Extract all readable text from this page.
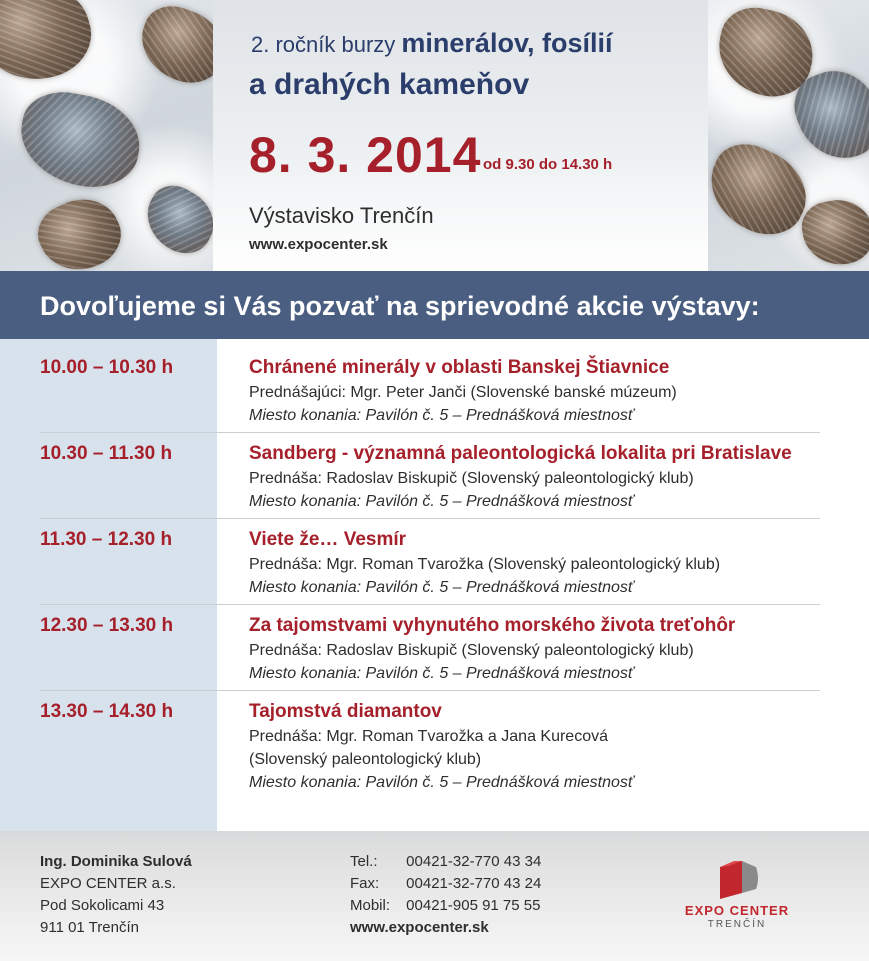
2. ročník burzy minerálov, fosílií
a drahých kameňov
8. 3. 2014 od 9.30 do 14.30 h
Výstavisko Trenčín
www.expocenter.sk
Dovoľujeme si Vás pozvať na sprievodné akcie výstavy:
10.00 – 10.30 h	Chránené minerály v oblasti Banskej Štiavnice
Prednášajúci: Mgr. Peter Janči (Slovenské banské múzeum)
Miesto konania: Pavilón č. 5 – Prednášková miestnosť
10.30 – 11.30 h	Sandberg - významná paleontologická lokalita pri Bratislave
Prednáša: Radoslav Biskupič (Slovenský paleontologický klub)
Miesto konania: Pavilón č. 5 – Prednášková miestnosť
11.30 – 12.30 h	Viete že… Vesmír
Prednáša: Mgr. Roman Tvarožka (Slovenský paleontologický klub)
Miesto konania: Pavilón č. 5 – Prednášková miestnosť
12.30 – 13.30 h	Za tajomstvami vyhynutého morského života treťohôr
Prednáša: Radoslav Biskupič (Slovenský paleontologický klub)
Miesto konania: Pavilón č. 5 – Prednášková miestnosť
13.30 – 14.30 h	Tajomstvá diamantov
Prednáša: Mgr. Roman Tvarožka a Jana Kurecová
(Slovenský paleontologický klub)
Miesto konania: Pavilón č. 5 – Prednášková miestnosť
Ing. Dominika Sulová
EXPO CENTER a.s.
Pod Sokolicami 43
911 01 Trenčín
Tel.: 00421-32-770 43 34
Fax: 00421-32-770 43 24
Mobil: 00421-905 91 75 55
www.expocenter.sk
EXPO CENTER
TRENČÍN
